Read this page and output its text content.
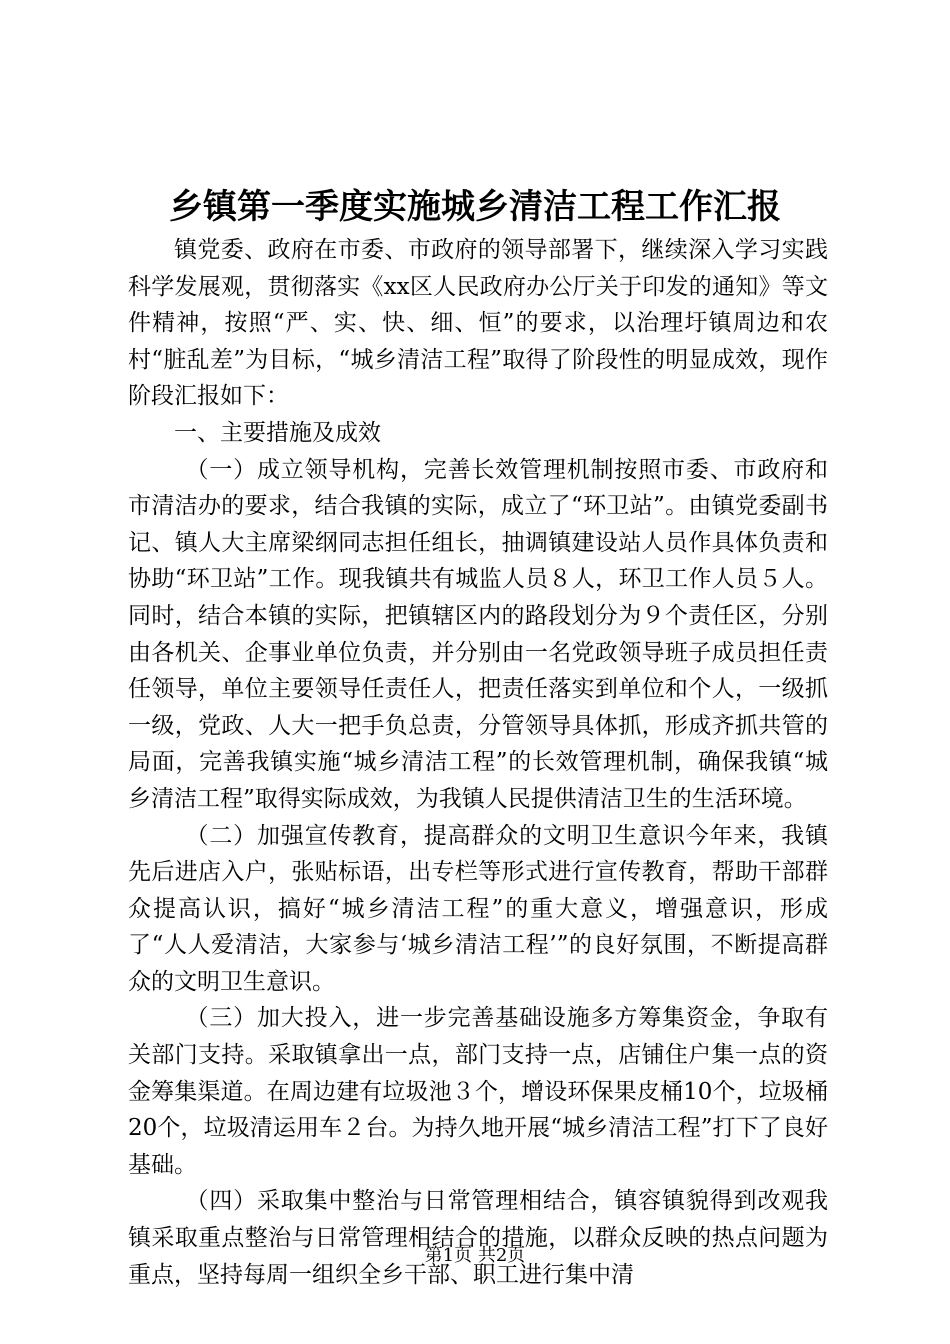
乡镇第一季度实施城乡清洁工程工作汇报

镇党委、政府在市委、市政府的领导部署下，继续深入学习实践科学发展观，贯彻落实《xx区人民政府办公厅关于印发的通知》等文件精神，按照“严、实、快、细、恒”的要求，以治理圩镇周边和农村“脏乱差”为目标，“城乡清洁工程”取得了阶段性的明显成效，现作阶段汇报如下：

一、主要措施及成效

（一）成立领导机构，完善长效管理机制按照市委、市政府和市清洁办的要求，结合我镇的实际，成立了“环卫站”。由镇党委副书记、镇人大主席梁纲同志担任组长，抽调镇建设站人员作具体负责和协助“环卫站”工作。现我镇共有城监人员８人，环卫工作人员５人。同时，结合本镇的实际，把镇辖区内的路段划分为９个责任区，分别由各机关、企事业单位负责，并分别由一名党政领导班子成员担任责任领导，单位主要领导任责任人，把责任落实到单位和个人，一级抓一级，党政、人大一把手负总责，分管领导具体抓，形成齐抓共管的局面，完善我镇实施“城乡清洁工程”的长效管理机制，确保我镇“城乡清洁工程”取得实际成效，为我镇人民提供清洁卫生的生活环境。

（二）加强宣传教育，提高群众的文明卫生意识今年来，我镇先后进店入户，张贴标语，出专栏等形式进行宣传教育，帮助干部群众提高认识，搞好“城乡清洁工程”的重大意义，增强意识，形成了“人人爱清洁，大家参与‘城乡清洁工程’”的良好氛围，不断提高群众的文明卫生意识。

（三）加大投入，进一步完善基础设施多方筹集资金，争取有关部门支持。采取镇拿出一点，部门支持一点，店铺住户集一点的资金筹集渠道。在周边建有垃圾池３个，增设环保果皮桶10个，垃圾桶20个，垃圾清运用车２台。为持久地开展“城乡清洁工程”打下了良好基础。

（四）采取集中整治与日常管理相结合，镇容镇貌得到改观我镇采取重点整治与日常管理相结合的措施，以群众反映的热点问题为重点，坚持每周一组织全乡干部、职工进行集中清

第1页 共2页
